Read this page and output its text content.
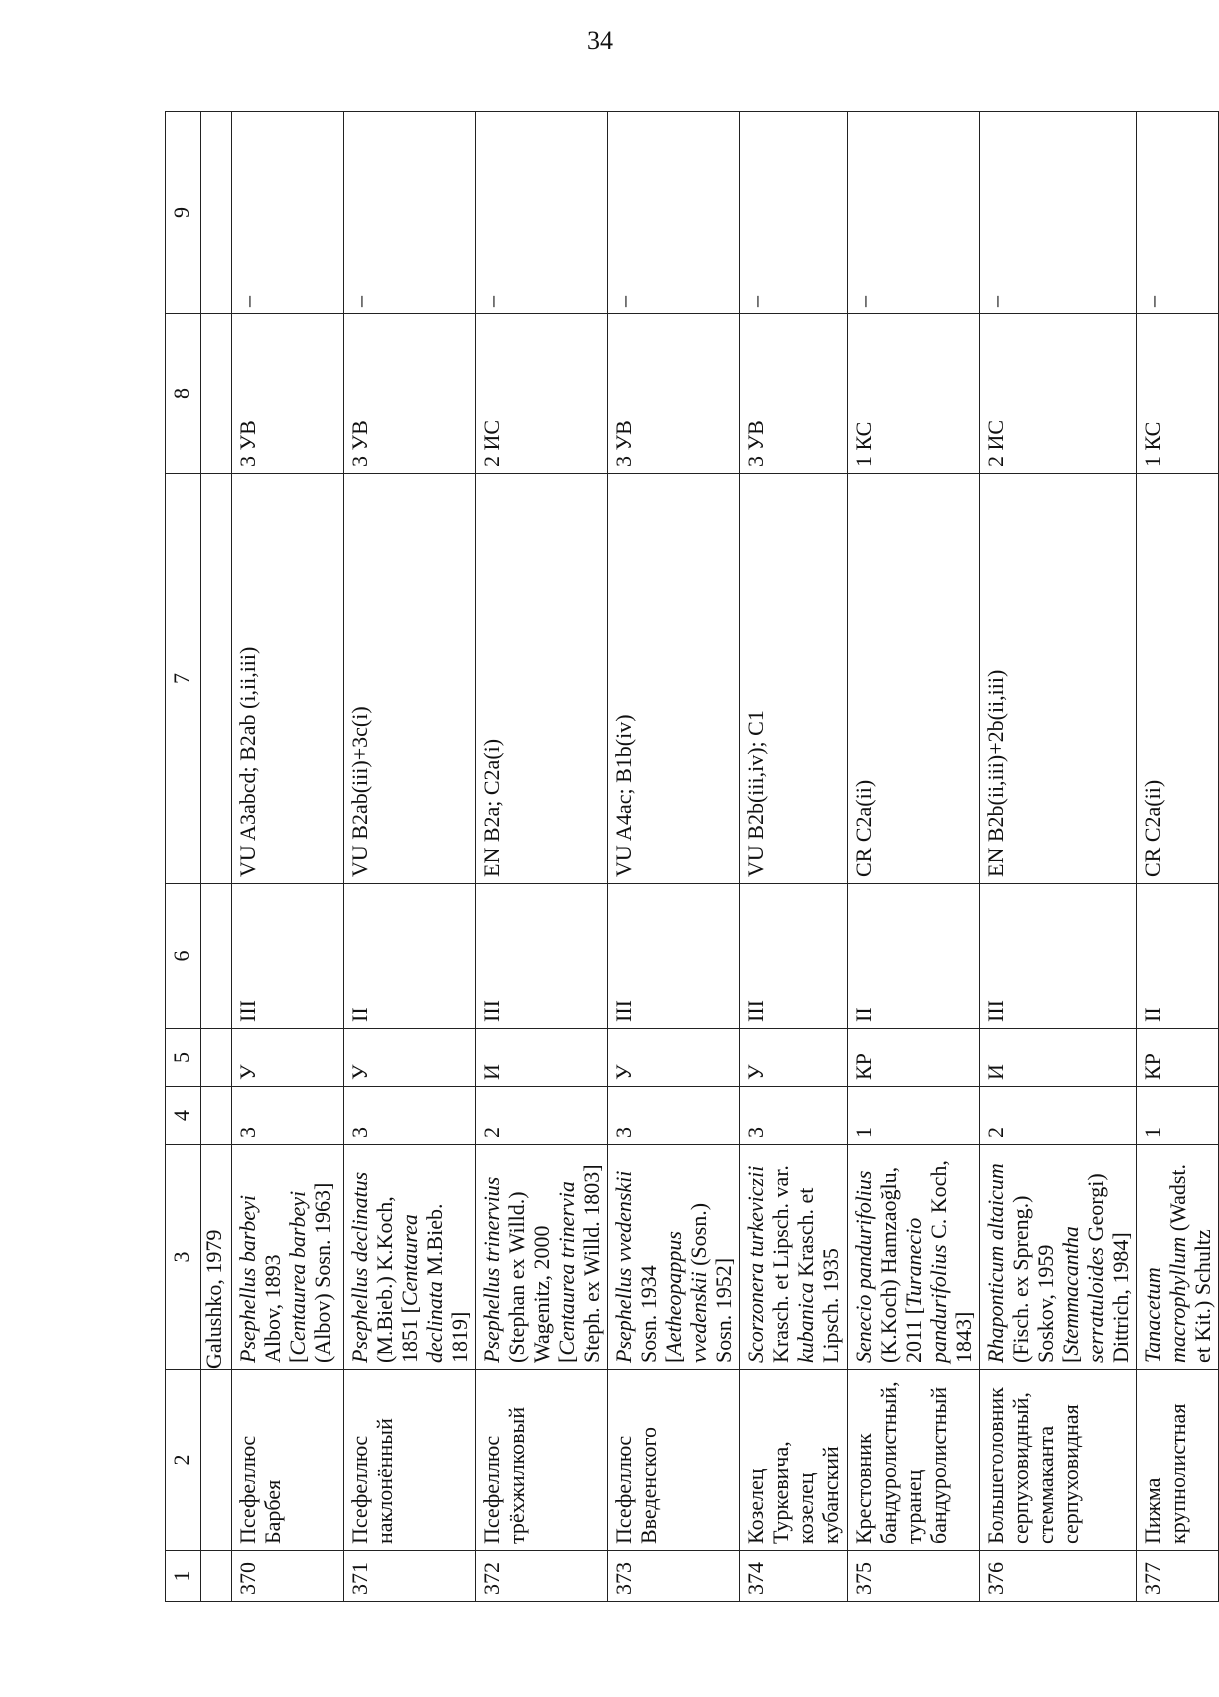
34
1	2	3	4	5	6	7	8	9
		Galushko, 1979						
370	Псефеллюс Барбея	Psephellus barbeyi Albov, 1893 [Centaurea barbeyi (Albov) Sosn. 1963]	3	У	III	VU A3abcd; B2ab (i,ii,iii)	3 УВ	–
371	Псефеллюс наклонённый	Psephellus declinatus (M.Bieb.) K.Koch, 1851 [Centaurea declinata M.Bieb. 1819]	3	У	II	VU B2ab(iii)+3c(i)	3 УВ	–
372	Псефеллюс трёхжилковый	Psephellus trinervius (Stephan ex Willd.) Wagenitz, 2000 [Centaurea trinervia Steph. ex Willd. 1803]	2	И	III	EN B2a; C2a(i)	2 ИС	–
373	Псефеллюс Введенского	Psephellus vvedenskii Sosn. 1934 [Aetheopappus vvedenskii (Sosn.) Sosn. 1952]	3	У	III	VU A4ac; B1b(iv)	3 УВ	–
374	Козелец Туркевича, козелец кубанский	Scorzonera turkeviczii Krasch. et Lipsch. var. kubanica Krasch. et Lipsch. 1935	3	У	III	VU B2b(iii,iv); C1	3 УВ	–
375	Крестовник бандуролистный, туранец бандуролистный	Senecio pandurifolius (K.Koch) Hamzaoğlu, 2011 [Turanecio pandurifolius C. Koch, 1843]	1	КР	II	CR C2a(ii)	1 КС	–
376	Большеголовник серпуховидный, стеммаканта серпуховидная	Rhaponticum altaicum (Fisch. ex Spreng.) Soskov, 1959 [Stemmacantha serratuloides Georgi) Dittrich, 1984]	2	И	III	EN B2b(ii,iii)+2b(ii,iii)	2 ИС	–
377	Пижма крупнолистная	Tanacetum macrophyllum (Wadst. et Kit.) Schultz	1	КР	II	CR C2a(ii)	1 КС	–
